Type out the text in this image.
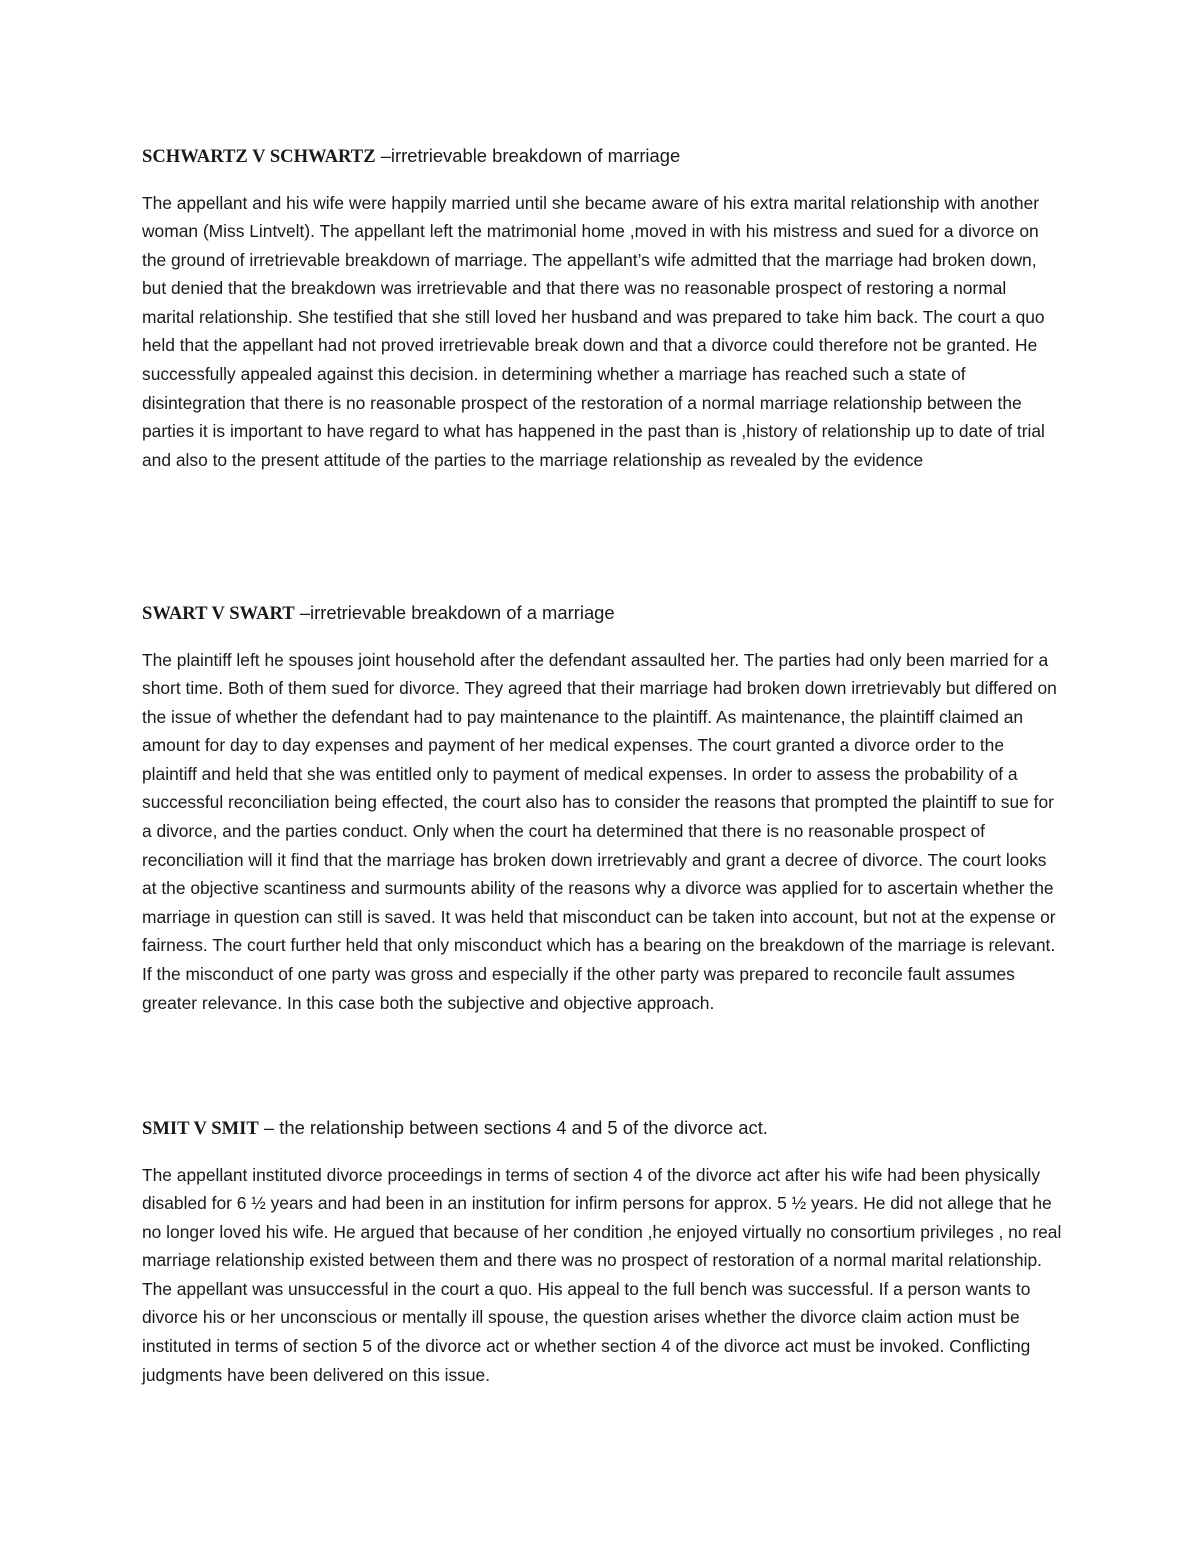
SCHWARTZ V SCHWARTZ –irretrievable breakdown of marriage

The appellant and his wife were happily married until she became aware of his extra marital relationship with another woman (Miss Lintvelt). The appellant left the matrimonial home ,moved in with his mistress and sued for a divorce on the ground of irretrievable breakdown of marriage. The appellant’s wife admitted that the marriage had broken down, but denied that the breakdown was irretrievable and that there was no reasonable prospect of restoring a normal marital relationship. She testified that she still loved her husband and was prepared to take him back. The court a quo held that the appellant had not proved irretrievable break down and that a divorce could therefore not be granted. He successfully appealed against this decision. in determining whether a marriage has reached such a state of disintegration that there is no reasonable prospect of the restoration of a normal marriage relationship between the parties it is important to have regard to what has happened in the past than is ,history of relationship up to date of trial and also to the present attitude of the parties to the marriage relationship as revealed by the evidence

SWART V SWART –irretrievable breakdown of a marriage

The plaintiff left he spouses joint household after the defendant assaulted her. The parties had only been married for a short time. Both of them sued for divorce. They agreed that their marriage had broken down irretrievably but differed on the issue of whether the defendant had to pay maintenance to the plaintiff. As maintenance, the plaintiff claimed an amount for day to day expenses and payment of her medical expenses. The court granted a divorce order to the plaintiff and held that she was entitled only to payment of medical expenses. In order to assess the probability of a successful reconciliation being effected, the court also has to consider the reasons that prompted the plaintiff to sue for a divorce, and the parties conduct. Only when the court ha determined that there is no reasonable prospect of reconciliation will it find that the marriage has broken down irretrievably and grant a decree of divorce. The court looks at the objective scantiness and surmounts ability of the reasons why a divorce was applied for to ascertain whether the marriage in question can still is saved. It was held that misconduct can be taken into account, but not at the expense or fairness. The court further held that only misconduct which has a bearing on the breakdown of the marriage is relevant. If the misconduct of one party was gross and especially if the other party was prepared to reconcile fault assumes greater relevance. In this case both the subjective and objective approach.

SMIT V SMIT – the relationship between sections 4 and 5 of the divorce act.

The appellant instituted divorce proceedings in terms of section 4 of the divorce act after his wife had been physically disabled for 6 ½ years and had been in an institution for infirm persons for approx. 5 ½ years. He did not allege that he no longer loved his wife. He argued that because of her condition ,he enjoyed virtually no consortium privileges , no real marriage relationship existed between them and there was no prospect of restoration of a normal marital relationship. The appellant was unsuccessful in the court a quo. His appeal to the full bench was successful. If a person wants to divorce his or her unconscious or mentally ill spouse, the question arises whether the divorce claim action must be instituted in terms of section 5 of the divorce act or whether section 4 of the divorce act must be invoked. Conflicting judgments have been delivered on this issue.
